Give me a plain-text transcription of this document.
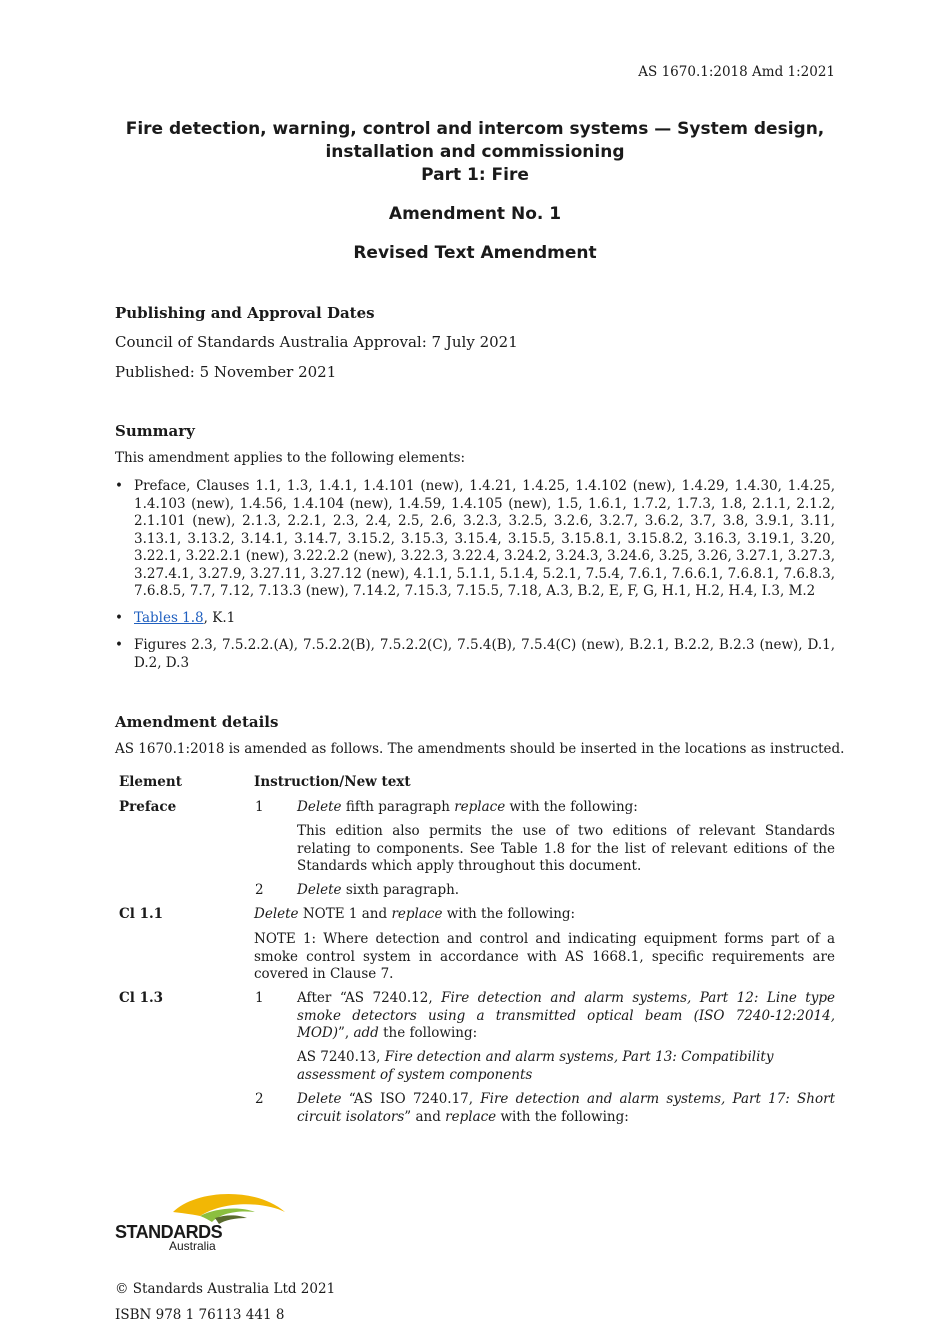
AS 1670.1:2018 Amd 1:2021
Fire detection, warning, control and intercom systems — System design,
installation and commissioning
Part 1: Fire
Amendment No. 1
Revised Text Amendment
Publishing and Approval Dates
Council of Standards Australia Approval: 7 July 2021
Published: 5 November 2021
Summary
This amendment applies to the following elements:
• Preface, Clauses 1.1, 1.3, 1.4.1, 1.4.101 (new), 1.4.21, 1.4.25, 1.4.102 (new), 1.4.29, 1.4.30, 1.4.25, 1.4.103 (new), 1.4.56, 1.4.104 (new), 1.4.59, 1.4.105 (new), 1.5, 1.6.1, 1.7.2, 1.7.3, 1.8, 2.1.1, 2.1.2, 2.1.101 (new), 2.1.3, 2.2.1, 2.3, 2.4, 2.5, 2.6, 3.2.3, 3.2.5, 3.2.6, 3.2.7, 3.6.2, 3.7, 3.8, 3.9.1, 3.11, 3.13.1, 3.13.2, 3.14.1, 3.14.7, 3.15.2, 3.15.3, 3.15.4, 3.15.5, 3.15.8.1, 3.15.8.2, 3.16.3, 3.19.1, 3.20, 3.22.1, 3.22.2.1 (new), 3.22.2.2 (new), 3.22.3, 3.22.4, 3.24.2, 3.24.3, 3.24.6, 3.25, 3.26, 3.27.1, 3.27.3, 3.27.4.1, 3.27.9, 3.27.11, 3.27.12 (new), 4.1.1, 5.1.1, 5.1.4, 5.2.1, 7.5.4, 7.6.1, 7.6.6.1, 7.6.8.1, 7.6.8.3, 7.6.8.5, 7.7, 7.12, 7.13.3 (new), 7.14.2, 7.15.3, 7.15.5, 7.18, A.3, B.2, E, F, G, H.1, H.2, H.4, I.3, M.2
• Tables 1.8, K.1
• Figures 2.3, 7.5.2.2.(A), 7.5.2.2(B), 7.5.2.2(C), 7.5.4(B), 7.5.4(C) (new), B.2.1, B.2.2, B.2.3 (new), D.1, D.2, D.3
Amendment details
AS 1670.1:2018 is amended as follows. The amendments should be inserted in the locations as instructed.
Element	Instruction/New text
Preface	1 Delete fifth paragraph replace with the following:
This edition also permits the use of two editions of relevant Standards relating to components. See Table 1.8 for the list of relevant editions of the Standards which apply throughout this document.
2 Delete sixth paragraph.
Cl 1.1	Delete NOTE 1 and replace with the following:
NOTE 1: Where detection and control and indicating equipment forms part of a smoke control system in accordance with AS 1668.1, specific requirements are covered in Clause 7.
Cl 1.3	1 After “AS 7240.12, Fire detection and alarm systems, Part 12: Line type smoke detectors using a transmitted optical beam (ISO 7240-12:2014, MOD)”, add the following:
AS 7240.13, Fire detection and alarm systems, Part 13: Compatibility assessment of system components
2 Delete “AS ISO 7240.17, Fire detection and alarm systems, Part 17: Short circuit isolators” and replace with the following:
STANDARDS
Australia
© Standards Australia Ltd 2021
ISBN 978 1 76113 441 8
